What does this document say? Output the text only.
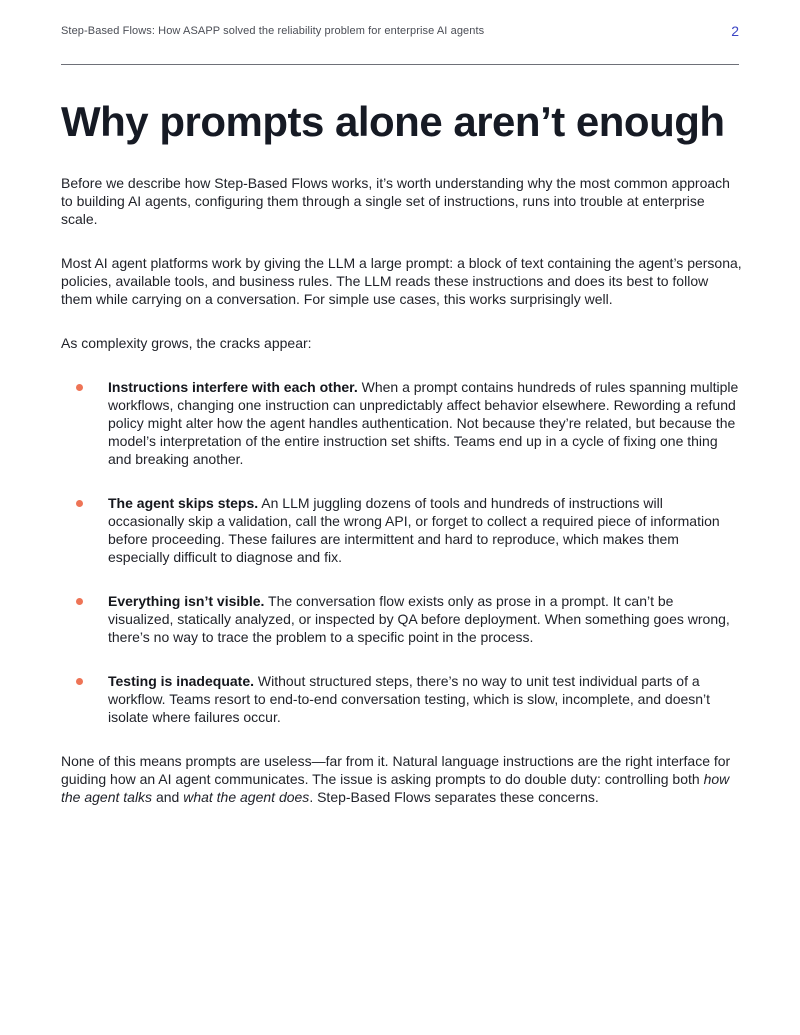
Step-Based Flows: How ASAPP solved the reliability problem for enterprise AI agents	2
Why prompts alone aren’t enough

Before we describe how Step-Based Flows works, it’s worth understanding why the most common approach to building AI agents, configuring them through a single set of instructions, runs into trouble at enterprise scale.

Most AI agent platforms work by giving the LLM a large prompt: a block of text containing the agent’s persona, policies, available tools, and business rules. The LLM reads these instructions and does its best to follow them while carrying on a conversation. For simple use cases, this works surprisingly well.

As complexity grows, the cracks appear:

Instructions interfere with each other. When a prompt contains hundreds of rules spanning multiple workflows, changing one instruction can unpredictably affect behavior elsewhere. Rewording a refund policy might alter how the agent handles authentication. Not because they’re related, but because the model’s interpretation of the entire instruction set shifts. Teams end up in a cycle of fixing one thing and breaking another.
The agent skips steps. An LLM juggling dozens of tools and hundreds of instructions will occasionally skip a validation, call the wrong API, or forget to collect a required piece of information before proceeding. These failures are intermittent and hard to reproduce, which makes them especially difficult to diagnose and fix.
Everything isn’t visible. The conversation flow exists only as prose in a prompt. It can’t be visualized, statically analyzed, or inspected by QA before deployment. When something goes wrong, there’s no way to trace the problem to a specific point in the process.
Testing is inadequate. Without structured steps, there’s no way to unit test individual parts of a workflow. Teams resort to end-to-end conversation testing, which is slow, incomplete, and doesn’t isolate where failures occur.

None of this means prompts are useless—far from it. Natural language instructions are the right interface for guiding how an AI agent communicates. The issue is asking prompts to do double duty: controlling both how the agent talks and what the agent does. Step-Based Flows separates these concerns.
